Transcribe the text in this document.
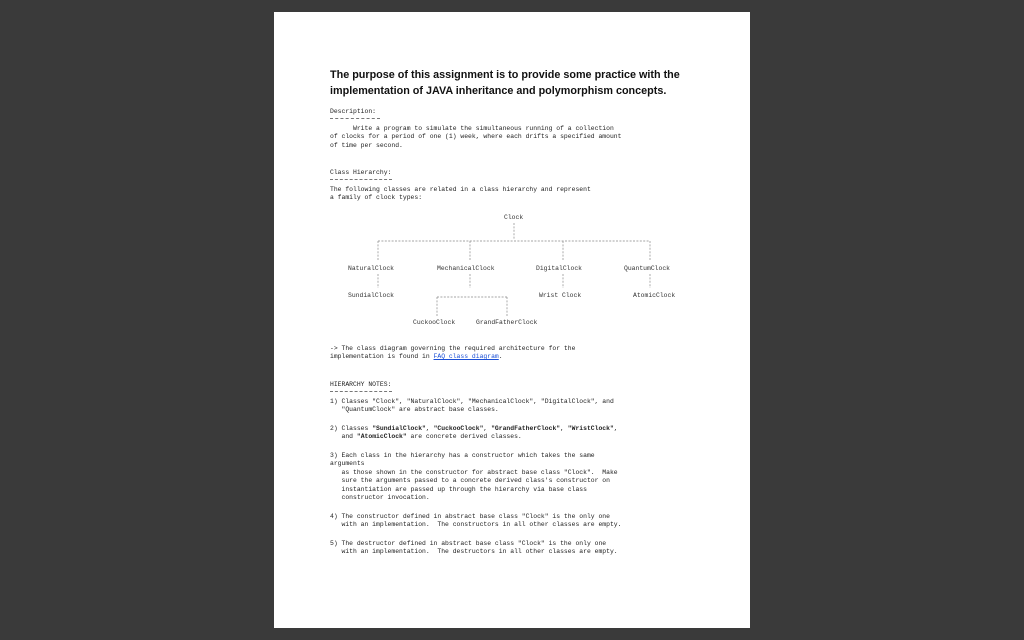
The purpose of this assignment is to provide some practice with the implementation of JAVA inheritance and polymorphism concepts.
Description:
Write a program to simulate the simultaneous running of a collection
of clocks for a period of one (1) week, where each drifts a specified amount
of time per second.
Class Hierarchy:
The following classes are related in a class hierarchy and represent
a family of clock types:
Clock
NaturalClock	MechanicalClock	DigitalClock	QuantumClock
SundialClock	Wrist Clock	AtomicClock
CuckooClock	GrandFatherClock
-> The class diagram governing the required architecture for the
implementation is found in FAQ class diagram.
HIERARCHY NOTES:
1) Classes "Clock", "NaturalClock", "MechanicalClock", "DigitalClock", and
"QuantumClock" are abstract base classes.
2) Classes "SundialClock", "CuckooClock", "GrandFatherClock", "WristClock",
and "AtomicClock" are concrete derived classes.
3) Each class in the hierarchy has a constructor which takes the same
arguments
as those shown in the constructor for abstract base class "Clock".  Make
sure the arguments passed to a concrete derived class's constructor on
instantiation are passed up through the hierarchy via base class
constructor invocation.
4) The constructor defined in abstract base class "Clock" is the only one
with an implementation.  The constructors in all other classes are empty.
5) The destructor defined in abstract base class "Clock" is the only one
with an implementation.  The destructors in all other classes are empty.
